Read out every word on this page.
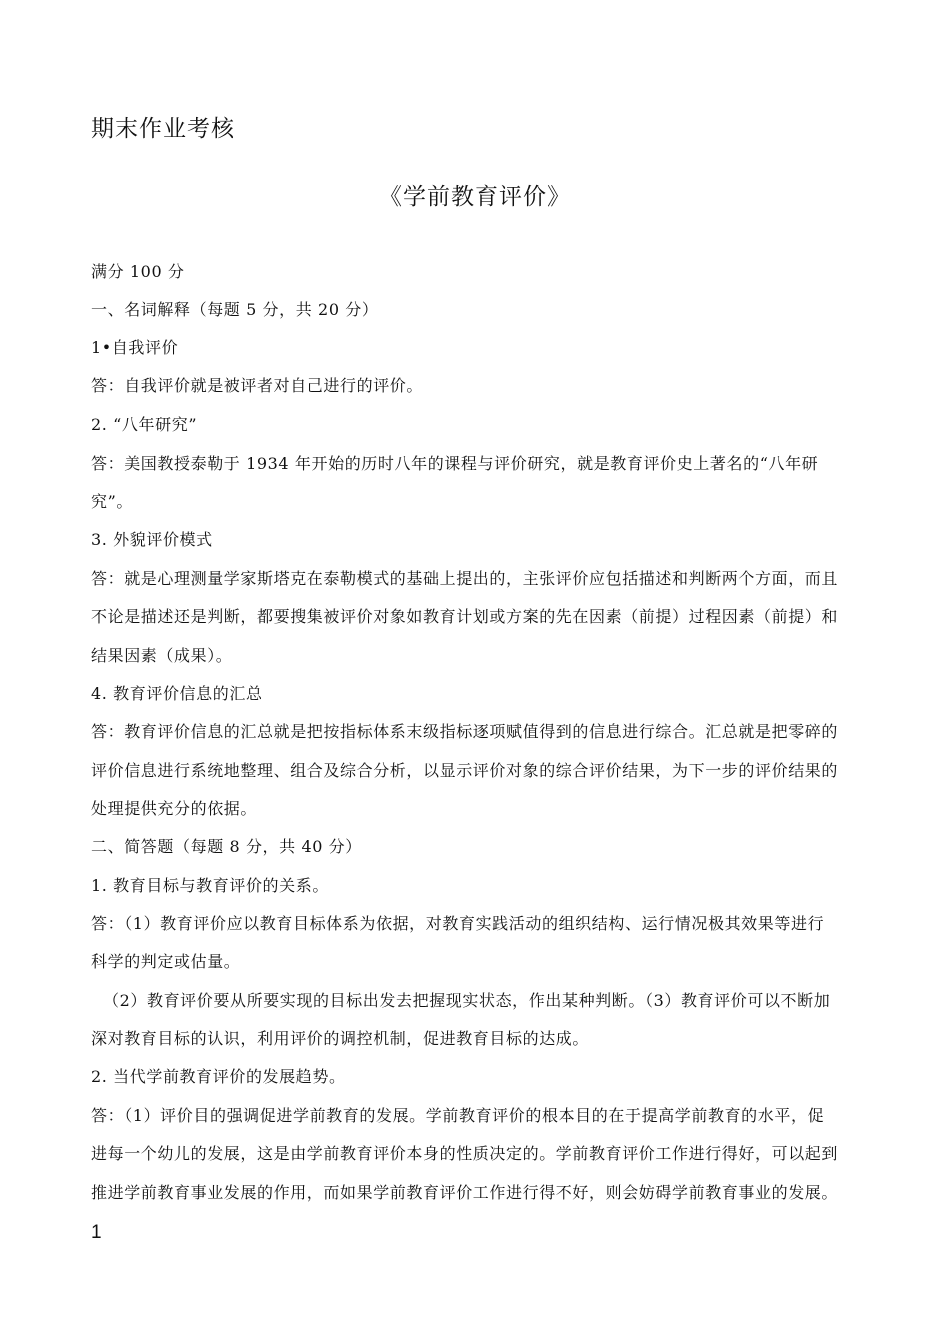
期末作业考核
《学前教育评价》
满分 100 分
一、名词解释（每题 5 分，共 20 分）
1•自我评价
答：自我评价就是被评者对自己进行的评价。
2. “八年研究”
答：美国教授泰勒于 1934 年开始的历时八年的课程与评价研究，就是教育评价史上著名的“八年研
究”。
3. 外貌评价模式
答：就是心理测量学家斯塔克在泰勒模式的基础上提出的，主张评价应包括描述和判断两个方面，而且
不论是描述还是判断，都要搜集被评价对象如教育计划或方案的先在因素（前提）过程因素（前提）和
结果因素（成果）。
4. 教育评价信息的汇总
答：教育评价信息的汇总就是把按指标体系末级指标逐项赋值得到的信息进行综合。汇总就是把零碎的
评价信息进行系统地整理、组合及综合分析，以显示评价对象的综合评价结果，为下一步的评价结果的
处理提供充分的依据。
二、简答题（每题 8 分，共 40 分）
1. 教育目标与教育评价的关系。
答：（1）教育评价应以教育目标体系为依据，对教育实践活动的组织结构、运行情况极其效果等进行
科学的判定或估量。
（2）教育评价要从所要实现的目标出发去把握现实状态，作出某种判断。（3）教育评价可以不断加
深对教育目标的认识，利用评价的调控机制，促进教育目标的达成。
2. 当代学前教育评价的发展趋势。
答：（1）评价目的强调促进学前教育的发展。学前教育评价的根本目的在于提高学前教育的水平，促
进每一个幼儿的发展，这是由学前教育评价本身的性质决定的。学前教育评价工作进行得好，可以起到
推进学前教育事业发展的作用，而如果学前教育评价工作进行得不好，则会妨碍学前教育事业的发展。
1
